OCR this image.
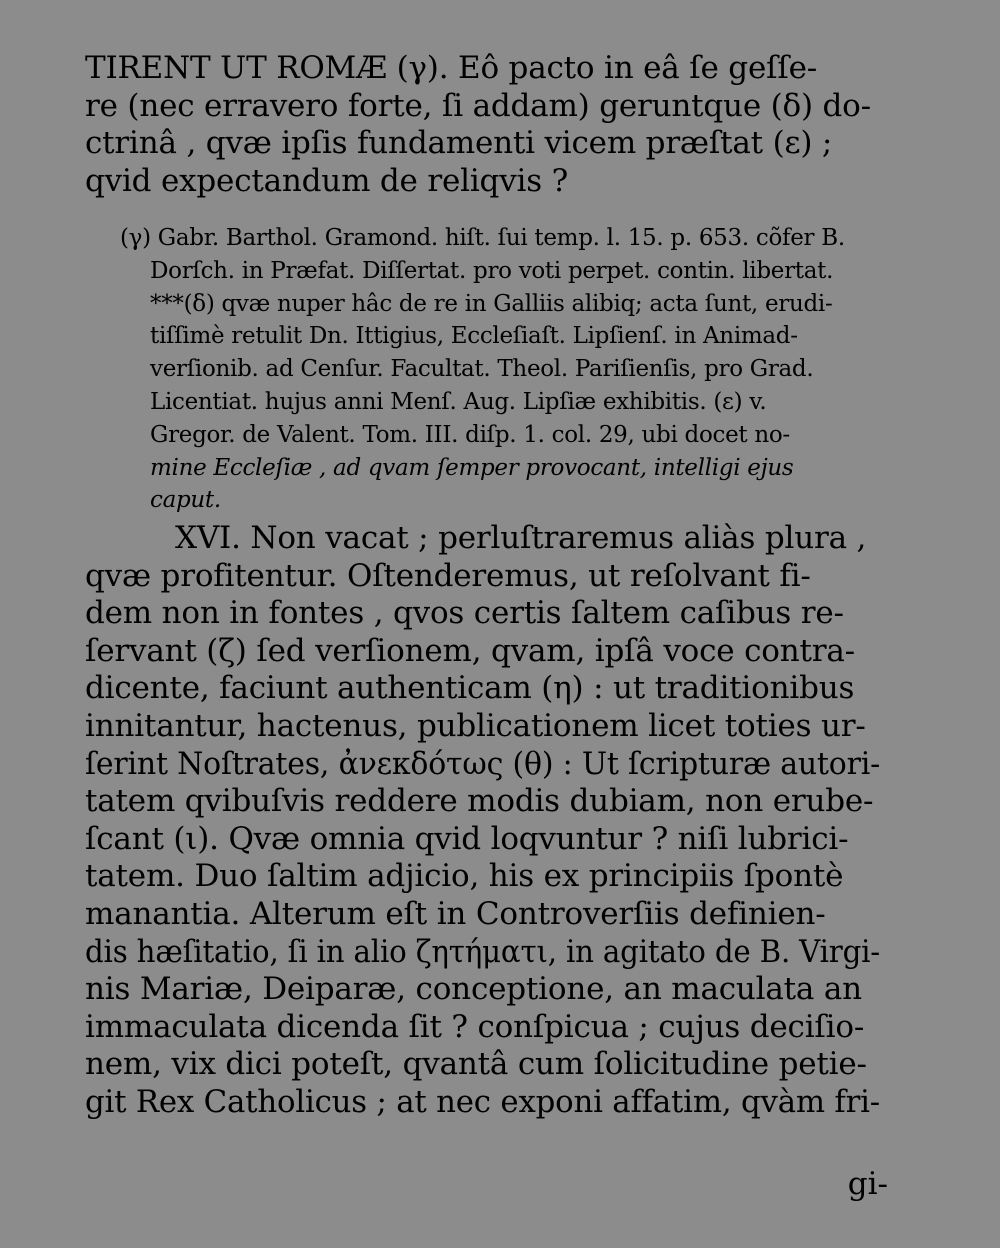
TIRENT UT ROMÆ (γ). Eô pacto in eâ ſe geſſe-
re (nec erravero forte, ſi addam) geruntque (δ) do-
ctrinâ , qvæ ipſis fundamenti vicem præſtat (ε) ;
qvid expectandum de reliqvis ?
(γ) Gabr. Barthol. Gramond. hiſt. ſui temp. l. 15. p. 653. cõfer B.
Dorſch. in Præfat. Diſſertat. pro voti perpet. contin. libertat.
***(δ) qvæ nuper hâc de re in Galliis alibiq; acta ſunt, erudi-
tiſſimè retulit Dn. Ittigius, Eccleſiaſt. Lipſienſ. in Animad-
verſionib. ad Cenſur. Facultat. Theol. Pariſienſis, pro Grad.
Licentiat. hujus anni Menſ. Aug. Lipſiæ exhibitis. (ε) v.
Gregor. de Valent. Tom. III. diſp. 1. col. 29, ubi docet no-
mine Eccleſiæ , ad qvam ſemper provocant, intelligi ejus
caput.
XVI. Non vacat ; perluſtraremus aliàs plura ,
qvæ profitentur. Oſtenderemus, ut reſolvant fi-
dem non in fontes , qvos certis ſaltem caſibus re-
ſervant (ζ) ſed verſionem, qvam, ipſâ voce contra-
dicente, faciunt authenticam (η) : ut traditionibus
innitantur, hactenus, publicationem licet toties ur-
ſerint Noſtrates, ἀνεκδότως (θ) : Ut ſcripturæ autori-
tatem qvibuſvis reddere modis dubiam, non erube-
ſcant (ι). Qvæ omnia qvid loqvuntur ? niſi lubrici-
tatem. Duo ſaltim adjicio, his ex principiis ſpontè
manantia. Alterum eſt in Controverſiis definien-
dis hæſitatio, ſi in alio ζητήματι, in agitato de B. Virgi-
nis Mariæ, Deiparæ, conceptione, an maculata an
immaculata dicenda ſit ? conſpicua ; cujus deciſio-
nem, vix dici poteſt, qvantâ cum ſolicitudine petie-
git Rex Catholicus ; at nec exponi affatim, qvàm fri-
gi-
